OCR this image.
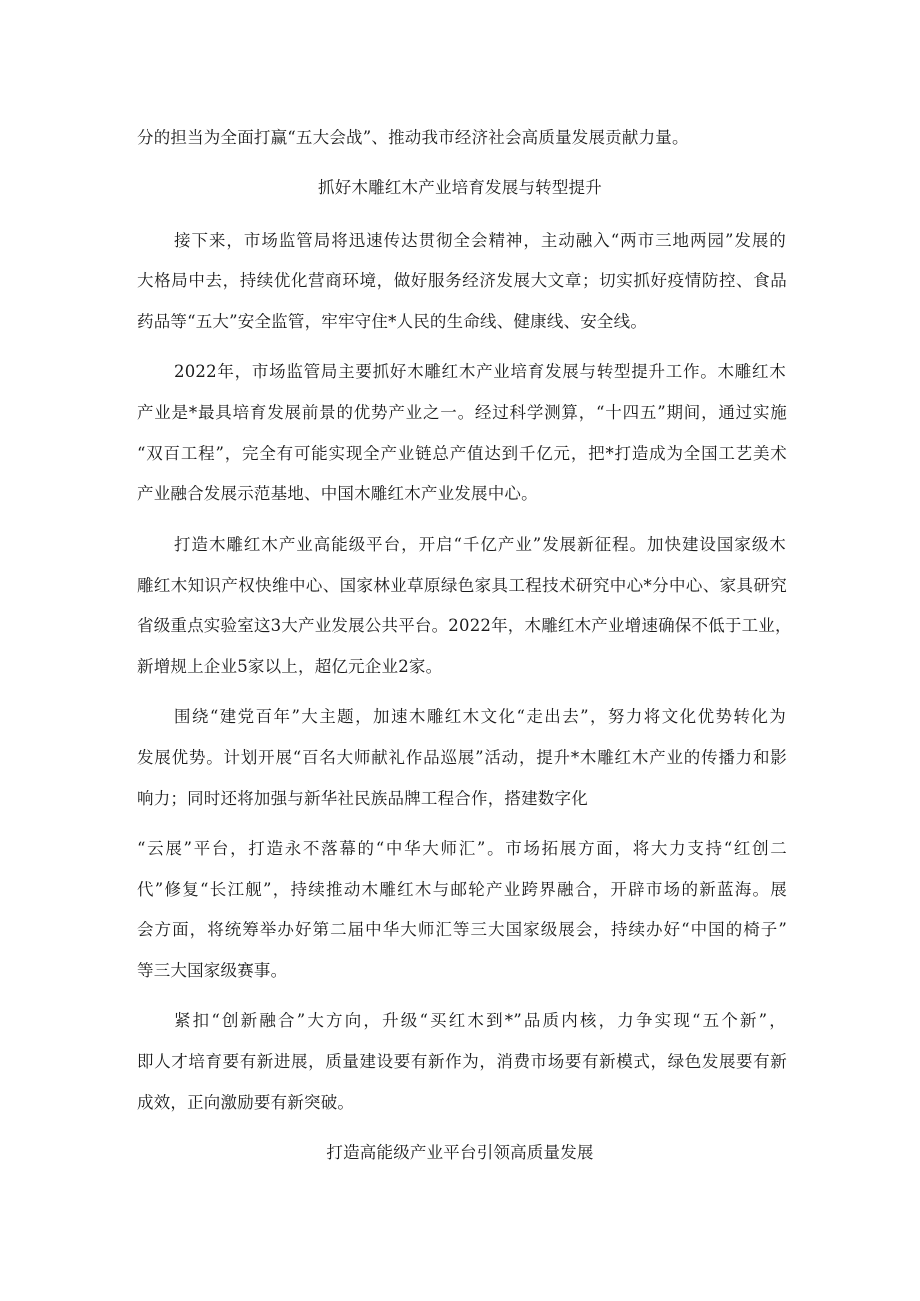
分的担当为全面打赢“五大会战”、推动我市经济社会高质量发展贡献力量。
抓好木雕红木产业培育发展与转型提升
接下来，市场监管局将迅速传达贯彻全会精神，主动融入“两市三地两园”发展的
大格局中去，持续优化营商环境，做好服务经济发展大文章；切实抓好疫情防控、食品
药品等“五大”安全监管，牢牢守住*人民的生命线、健康线、安全线。
2022年，市场监管局主要抓好木雕红木产业培育发展与转型提升工作。木雕红木
产业是*最具培育发展前景的优势产业之一。经过科学测算，“十四五”期间，通过实施
“双百工程”，完全有可能实现全产业链总产值达到千亿元，把*打造成为全国工艺美术
产业融合发展示范基地、中国木雕红木产业发展中心。
打造木雕红木产业高能级平台，开启“千亿产业”发展新征程。加快建设国家级木
雕红木知识产权快维中心、国家林业草原绿色家具工程技术研究中心*分中心、家具研究
省级重点实验室这3大产业发展公共平台。2022年，木雕红木产业增速确保不低于工业，
新增规上企业5家以上，超亿元企业2家。
围绕“建党百年”大主题，加速木雕红木文化“走出去”，努力将文化优势转化为
发展优势。计划开展“百名大师献礼作品巡展”活动，提升*木雕红木产业的传播力和影
响力；同时还将加强与新华社民族品牌工程合作，搭建数字化
“云展”平台，打造永不落幕的“中华大师汇”。市场拓展方面，将大力支持“红创二
代”修复“长江舰”，持续推动木雕红木与邮轮产业跨界融合，开辟市场的新蓝海。展
会方面，将统筹举办好第二届中华大师汇等三大国家级展会，持续办好“中国的椅子”
等三大国家级赛事。
紧扣“创新融合”大方向，升级“买红木到*”品质内核，力争实现“五个新”，
即人才培育要有新进展，质量建设要有新作为，消费市场要有新模式，绿色发展要有新
成效，正向激励要有新突破。
打造高能级产业平台引领高质量发展
